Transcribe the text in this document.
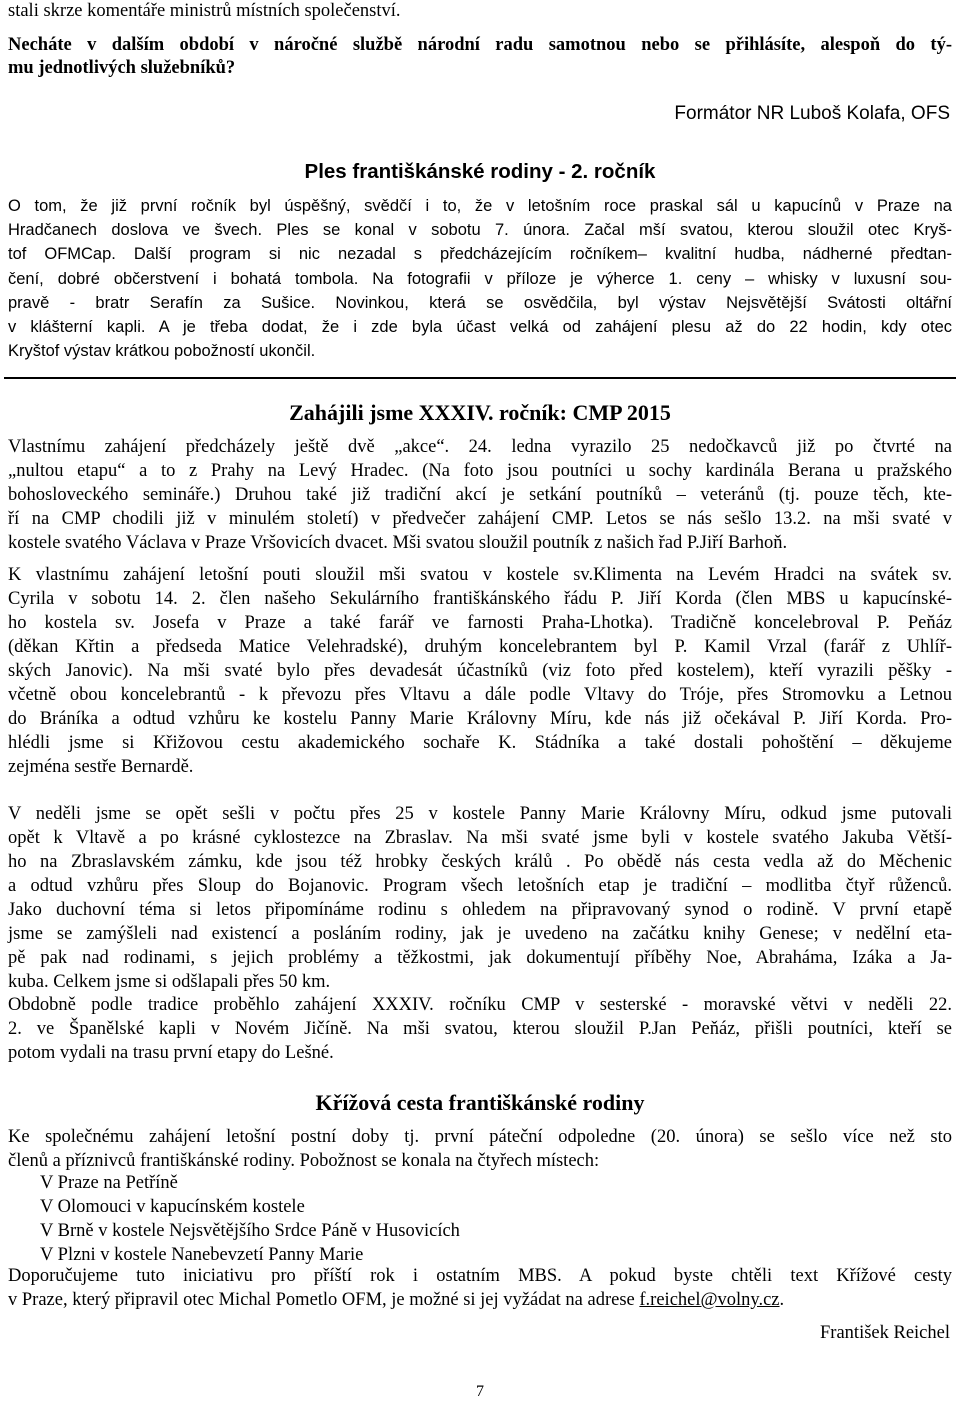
stali skrze komentáře ministrů místních společenství.
Necháte v dalším období v náročné službě národní radu samotnou nebo se přihlásíte, alespoň do tý-
mu jednotlivých služebníků?
Formátor NR Luboš Kolafa, OFS
Ples františkánské rodiny - 2. ročník
O tom, že již první ročník byl úspěšný, svědčí i to, že v letošním roce praskal sál u kapucínů v Praze na
Hradčanech doslova ve švech. Ples se konal v sobotu 7. února. Začal mší svatou, kterou sloužil otec Kryš-
tof OFMCap. Další program si nic nezadal s předcházejícím ročníkem– kvalitní hudba, nádherné předtan-
čení, dobré občerstvení i bohatá tombola. Na fotografii v příloze je výherce 1. ceny – whisky v luxusní sou-
pravě - bratr Serafín za Sušice. Novinkou, která se osvědčila, byl výstav Nejsvětější Svátosti oltářní
v klášterní kapli. A je třeba dodat, že i zde byla účast velká od zahájení plesu až do 22 hodin, kdy otec
Kryštof výstav krátkou pobožností ukončil.
Zahájili jsme XXXIV. ročník: CMP 2015
Vlastnímu zahájení předcházely ještě dvě „akce“. 24. ledna vyrazilo 25 nedočkavců již po čtvrté na
„nultou etapu“ a to z Prahy na Levý Hradec. (Na foto jsou poutníci u sochy kardinála Berana u pražského
bohosloveckého semináře.) Druhou také již tradiční akcí je setkání poutníků – veteránů (tj. pouze těch, kte-
ří na CMP chodili již v minulém století) v předvečer zahájení CMP. Letos se nás sešlo 13.2. na mši svaté v
kostele svatého Václava v Praze Vršovicích dvacet. Mši svatou sloužil poutník z našich řad P.Jiří Barhoň.
K vlastnímu zahájení letošní pouti sloužil mši svatou v kostele sv.Klimenta na Levém Hradci na svátek sv.
Cyrila v sobotu 14. 2. člen našeho Sekulárního františkánského řádu P. Jiří Korda (člen MBS u kapucínské-
ho kostela sv. Josefa v Praze a také farář ve farnosti Praha-Lhotka). Tradičně koncelebroval P. Peňáz
(děkan Křtin a předseda Matice Velehradské), druhým koncelebrantem byl P. Kamil Vrzal (farář z Uhlíř-
ských Janovic). Na mši svaté bylo přes devadesát účastníků (viz foto před kostelem), kteří vyrazili pěšky -
včetně obou koncelebrantů - k převozu přes Vltavu a dále podle Vltavy do Tróje, přes Stromovku a Letnou
do Bráníka a odtud vzhůru ke kostelu Panny Marie Královny Míru, kde nás již očekával P. Jiří Korda. Pro-
hlédli jsme si Křižovou cestu akademického sochaře K. Stádníka a také dostali pohoštění – děkujeme
zejména sestře Bernardě.
V neděli jsme se opět sešli v počtu přes 25 v kostele Panny Marie Královny Míru, odkud jsme putovali
opět k Vltavě a po krásné cyklostezce na Zbraslav. Na mši svaté jsme byli v kostele svatého Jakuba Větší-
ho na Zbraslavském zámku, kde jsou též hrobky českých králů . Po obědě nás cesta vedla až do Měchenic
a odtud vzhůru přes Sloup do Bojanovic. Program všech letošních etap je tradiční – modlitba čtyř růženců.
Jako duchovní téma si letos připomínáme rodinu s ohledem na připravovaný synod o rodině. V první etapě
jsme se zamýšleli nad existencí a posláním rodiny, jak je uvedeno na začátku knihy Genese; v nedělní eta-
pě pak nad rodinami, s jejich problémy a těžkostmi, jak dokumentují příběhy Noe, Abraháma, Izáka a Ja-
kuba. Celkem jsme si odšlapali přes 50 km.
Obdobně podle tradice proběhlo zahájení XXXIV. ročníku CMP v sesterské - moravské větvi v neděli 22.
2. ve Španělské kapli v Novém Jičíně. Na mši svatou, kterou sloužil P.Jan Peňáz, přišli poutníci, kteří se
potom vydali na trasu první etapy do Lešné.
Křížová cesta františkánské rodiny
Ke společnému zahájení letošní postní doby tj. první páteční odpoledne (20. února) se sešlo více než sto
členů a příznivců františkánské rodiny. Pobožnost se konala na čtyřech místech:
V Praze na Petříně
V Olomouci v kapucínském kostele
V Brně v kostele Nejsvětějšího Srdce Páně v Husovicích
V Plzni v kostele Nanebevzetí Panny Marie
Doporučujeme tuto iniciativu pro příští rok i ostatním MBS. A pokud byste chtěli text Křížové cesty
v Praze, který připravil otec Michal Pometlo OFM, je možné si jej vyžádat na adrese f.reichel@volny.cz.
František Reichel
7
